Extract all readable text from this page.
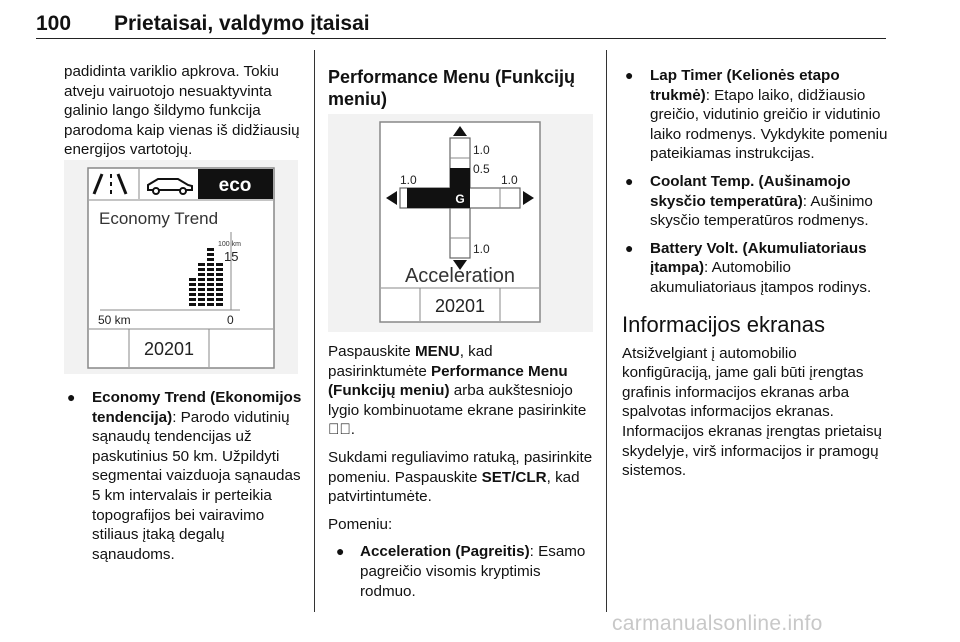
100 Prietaisai, valdymo įtaisai

padidinta variklio apkrova. Tokiu atveju vairuotojo nesuaktyvinta galinio lango šildymo funkcija parodoma kaip vienas iš didžiausių energijos vartotojų.

eco
Economy Trend
100 km
15
50 km	0
20201
● Economy Trend (Ekonomijos tendencija): Parodo vidutinių sąnaudų tendencijas už paskutinius 50 km. Užpildyti segmentai vaizduoja sąnaudas 5 km intervalais ir perteikia topografijos bei vairavimo stiliaus įtaką degalų sąnaudoms.

Performance Menu (Funkcijų meniu)

1.0
0.5
1.0	1.0
1.0
G
Acceleration
20201

Paspauskite MENU, kad pasirinktumėte Performance Menu (Funkcijų meniu) arba aukštesniojo lygio kombinuotame ekrane pasirinkite ✦⃠.

Sukdami reguliavimo ratuką, pasirinkite pomeniu. Paspauskite SET/CLR, kad patvirtintumėte.

Pomeniu:

● Acceleration (Pagreitis): Esamo pagreičio visomis kryptimis rodmuo.
● Lap Timer (Kelionės etapo trukmė): Etapo laiko, didžiausio greičio, vidutinio greičio ir vidutinio laiko rodmenys. Vykdykite pomeniu pateikiamas instrukcijas.
● Coolant Temp. (Aušinamojo skysčio temperatūra): Aušinimo skysčio temperatūros rodmenys.
● Battery Volt. (Akumuliatoriaus įtampa): Automobilio akumuliatoriaus įtampos rodinys.

Informacijos ekranas

Atsižvelgiant į automobilio konfigūraciją, jame gali būti įrengtas grafinis informacijos ekranas arba spalvotas informacijos ekranas. Informacijos ekranas įrengtas prietaisų skydelyje, virš informacijos ir pramogų sistemos.

carmanualsonline.info
